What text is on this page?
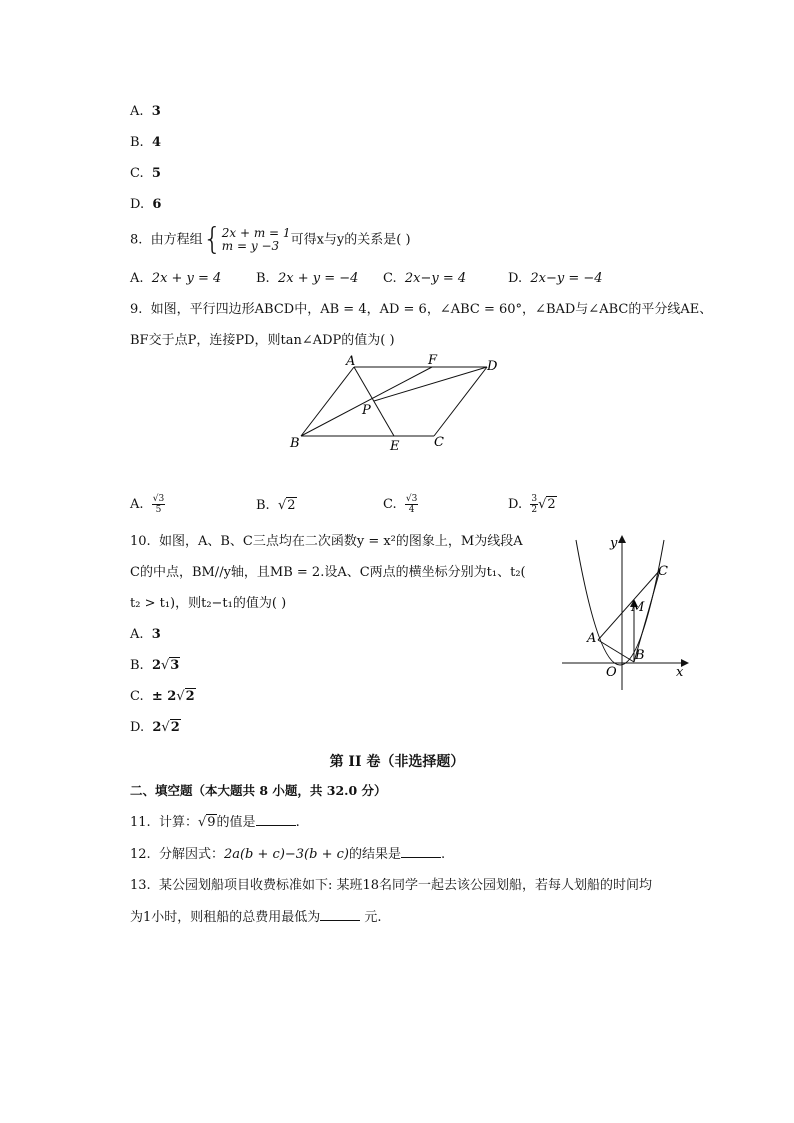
A. 3
B. 4
C. 5
D. 6
8. 由方程组{ 2x + m = 1
m = y −3 可得x与y的关系是( )
A. 2x + y = 4	B. 2x + y = −4 C. 2x−y = 4	D. 2x−y = −4
9. 如图，平行四边形ABCD中，AB = 4，AD = 6，∠ABC = 60°，∠BAD与∠ABC的平分线AE、
BF交于点P，连接PD，则tan∠ADP的值为( )
A	F	D
P
B	E	C
A. $\frac{√3}{5}$	B. √2	C. $\frac{√3}{4}$	D. $\frac{3}{2} √2$
10. 如图，A、B、C三点均在二次函数y = x²的图象上，M为线段A
C的中点，BM//y轴，且MB = 2.设A、C两点的横坐标分别为t₁、t₂(
t₂ > t₁)，则t₂−t₁的值为( )
A. 3
B. 2√3
C. ± 2√2
D. 2√2
y
x
O
A
B
C
M
第 II 卷（非选择题）
二、填空题（本大题共 8 小题，共 32.0 分）
11. 计算：√9的值是	.
12. 分解因式：2a(b + c)−3(b + c)的结果是	.
13. 某公园划船项目收费标准如下: 某班18名同学一起去该公园划船，若每人划船的时间均
为1小时，则租船的总费用最低为	元.
